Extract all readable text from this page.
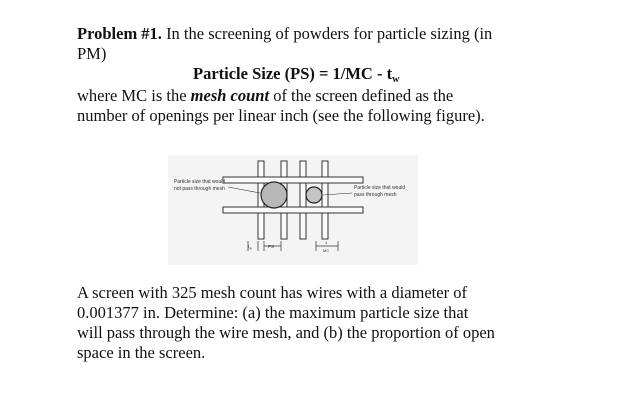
Problem #1. In the screening of powders for particle sizing (in
PM)
Particle Size $(PS) = 1/MC - t_w$
where MC is the mesh count of the screen defined as the
number of openings per linear inch (see the following figure).
Particle size that would
not pass through mesh	Particle size that would
pass through mesh
$t_w$	PS
1
MC
A screen with 325 mesh count has wires with a diameter of
0.001377 in. Determine: (a) the maximum particle size that
will pass through the wire mesh, and (b) the proportion of open
space in the screen.
